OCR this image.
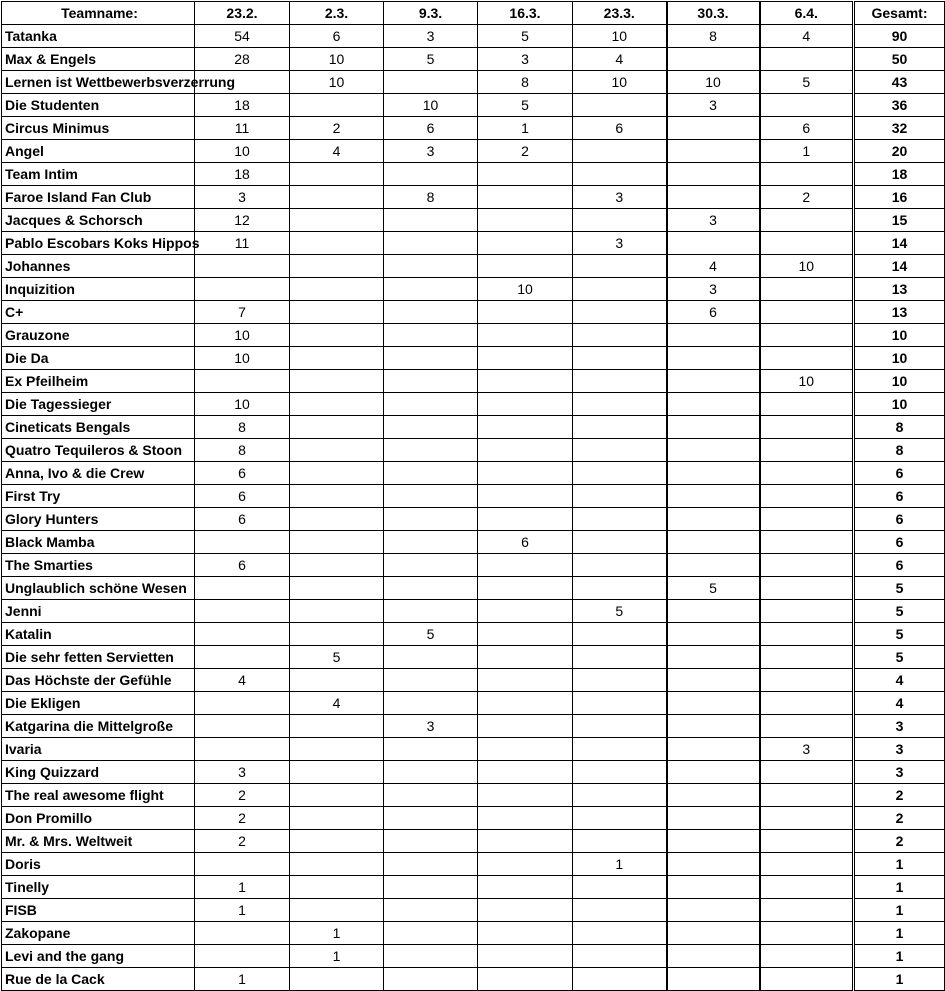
Teamname:	23.2.	2.3.	9.3.	16.3.	23.3.	30.3.	6.4.	Gesamt:
Tatanka	54	6	3	5	10	8	4	90
Max & Engels	28	10	5	3	4			50
Lernen ist Wettbewerbsverzerrung		10		8	10	10	5	43
Die Studenten	18		10	5		3		36
Circus Minimus	11	2	6	1	6		6	32
Angel	10	4	3	2			1	20
Team Intim	18							18
Faroe Island Fan Club	3		8		3		2	16
Jacques & Schorsch	12					3		15
Pablo Escobars Koks Hippos	11				3			14
Johannes						4	10	14
Inquizition				10		3		13
C+	7					6		13
Grauzone	10							10
Die Da	10							10
Ex Pfeilheim							10	10
Die Tagessieger	10							10
Cineticats Bengals	8							8
Quatro Tequileros & Stoon	8							8
Anna, Ivo & die Crew	6							6
First Try	6							6
Glory Hunters	6							6
Black Mamba				6				6
The Smarties	6							6
Unglaublich schöne Wesen						5		5
Jenni					5			5
Katalin			5					5
Die sehr fetten Servietten		5						5
Das Höchste der Gefühle	4							4
Die Ekligen		4						4
Katgarina die Mittelgroße			3					3
Ivaria							3	3
King Quizzard	3							3
The real awesome flight	2							2
Don Promillo	2							2
Mr. & Mrs. Weltweit	2							2
Doris					1			1
Tinelly	1							1
FISB	1							1
Zakopane		1						1
Levi and the gang		1						1
Rue de la Cack	1							1
